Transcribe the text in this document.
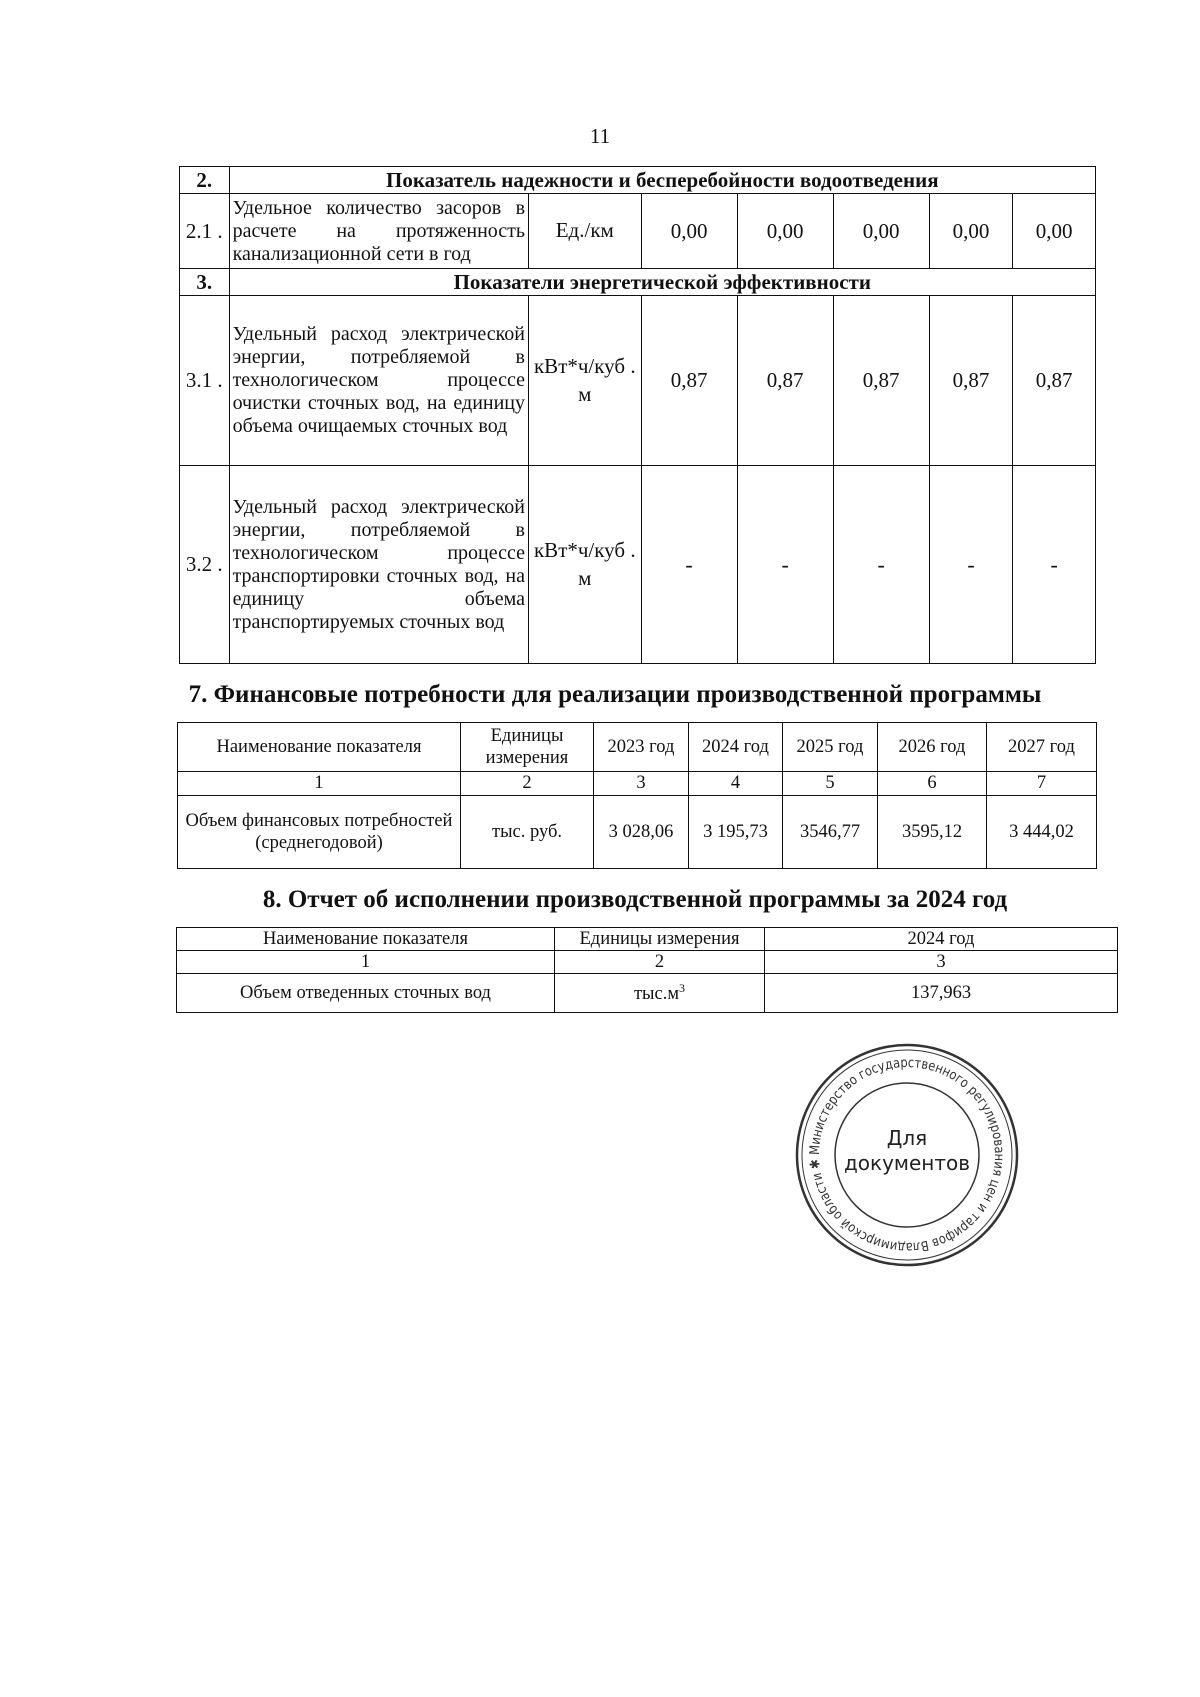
11
2.	Показатель надежности и бесперебойности водоотведения						
2.1 .	Удельное количество засоров в расчете на протяженность канализационной сети в год	Ед./км	0,00	0,00	0,00	0,00	0,00
3.	Показатели энергетической эффективности						
3.1 .	Удельный расход электрической энергии, потребляемой в технологическом процессе очистки сточных вод, на единицу объема очищаемых сточных вод	кВт*ч/куб . м	0,87	0,87	0,87	0,87	0,87
3.2 .	Удельный расход электрической энергии, потребляемой в технологическом процессе транспортировки сточных вод, на единицу объема транспортируемых сточных вод	кВт*ч/куб . м	-	-	-	-	-
7. Финансовые потребности для реализации производственной программы
Наименование показателя	Единицы измерения	2023 год	2024 год	2025 год	2026 год	2027 год
1	2	3	4	5	6	7
Объем финансовых потребностей (среднегодовой)	тыс. руб.	3 028,06	3 195,73	3546,77	3595,12	3 444,02
8. Отчет об исполнении производственной программы за 2024 год
Наименование показателя	Единицы измерения	2024 год
1	2	3
Объем отведенных сточных вод	$тыс.м^3$	137,963
Министерство государственного регулирования цен и тарифов Владимирской области ✱
Для
документов
